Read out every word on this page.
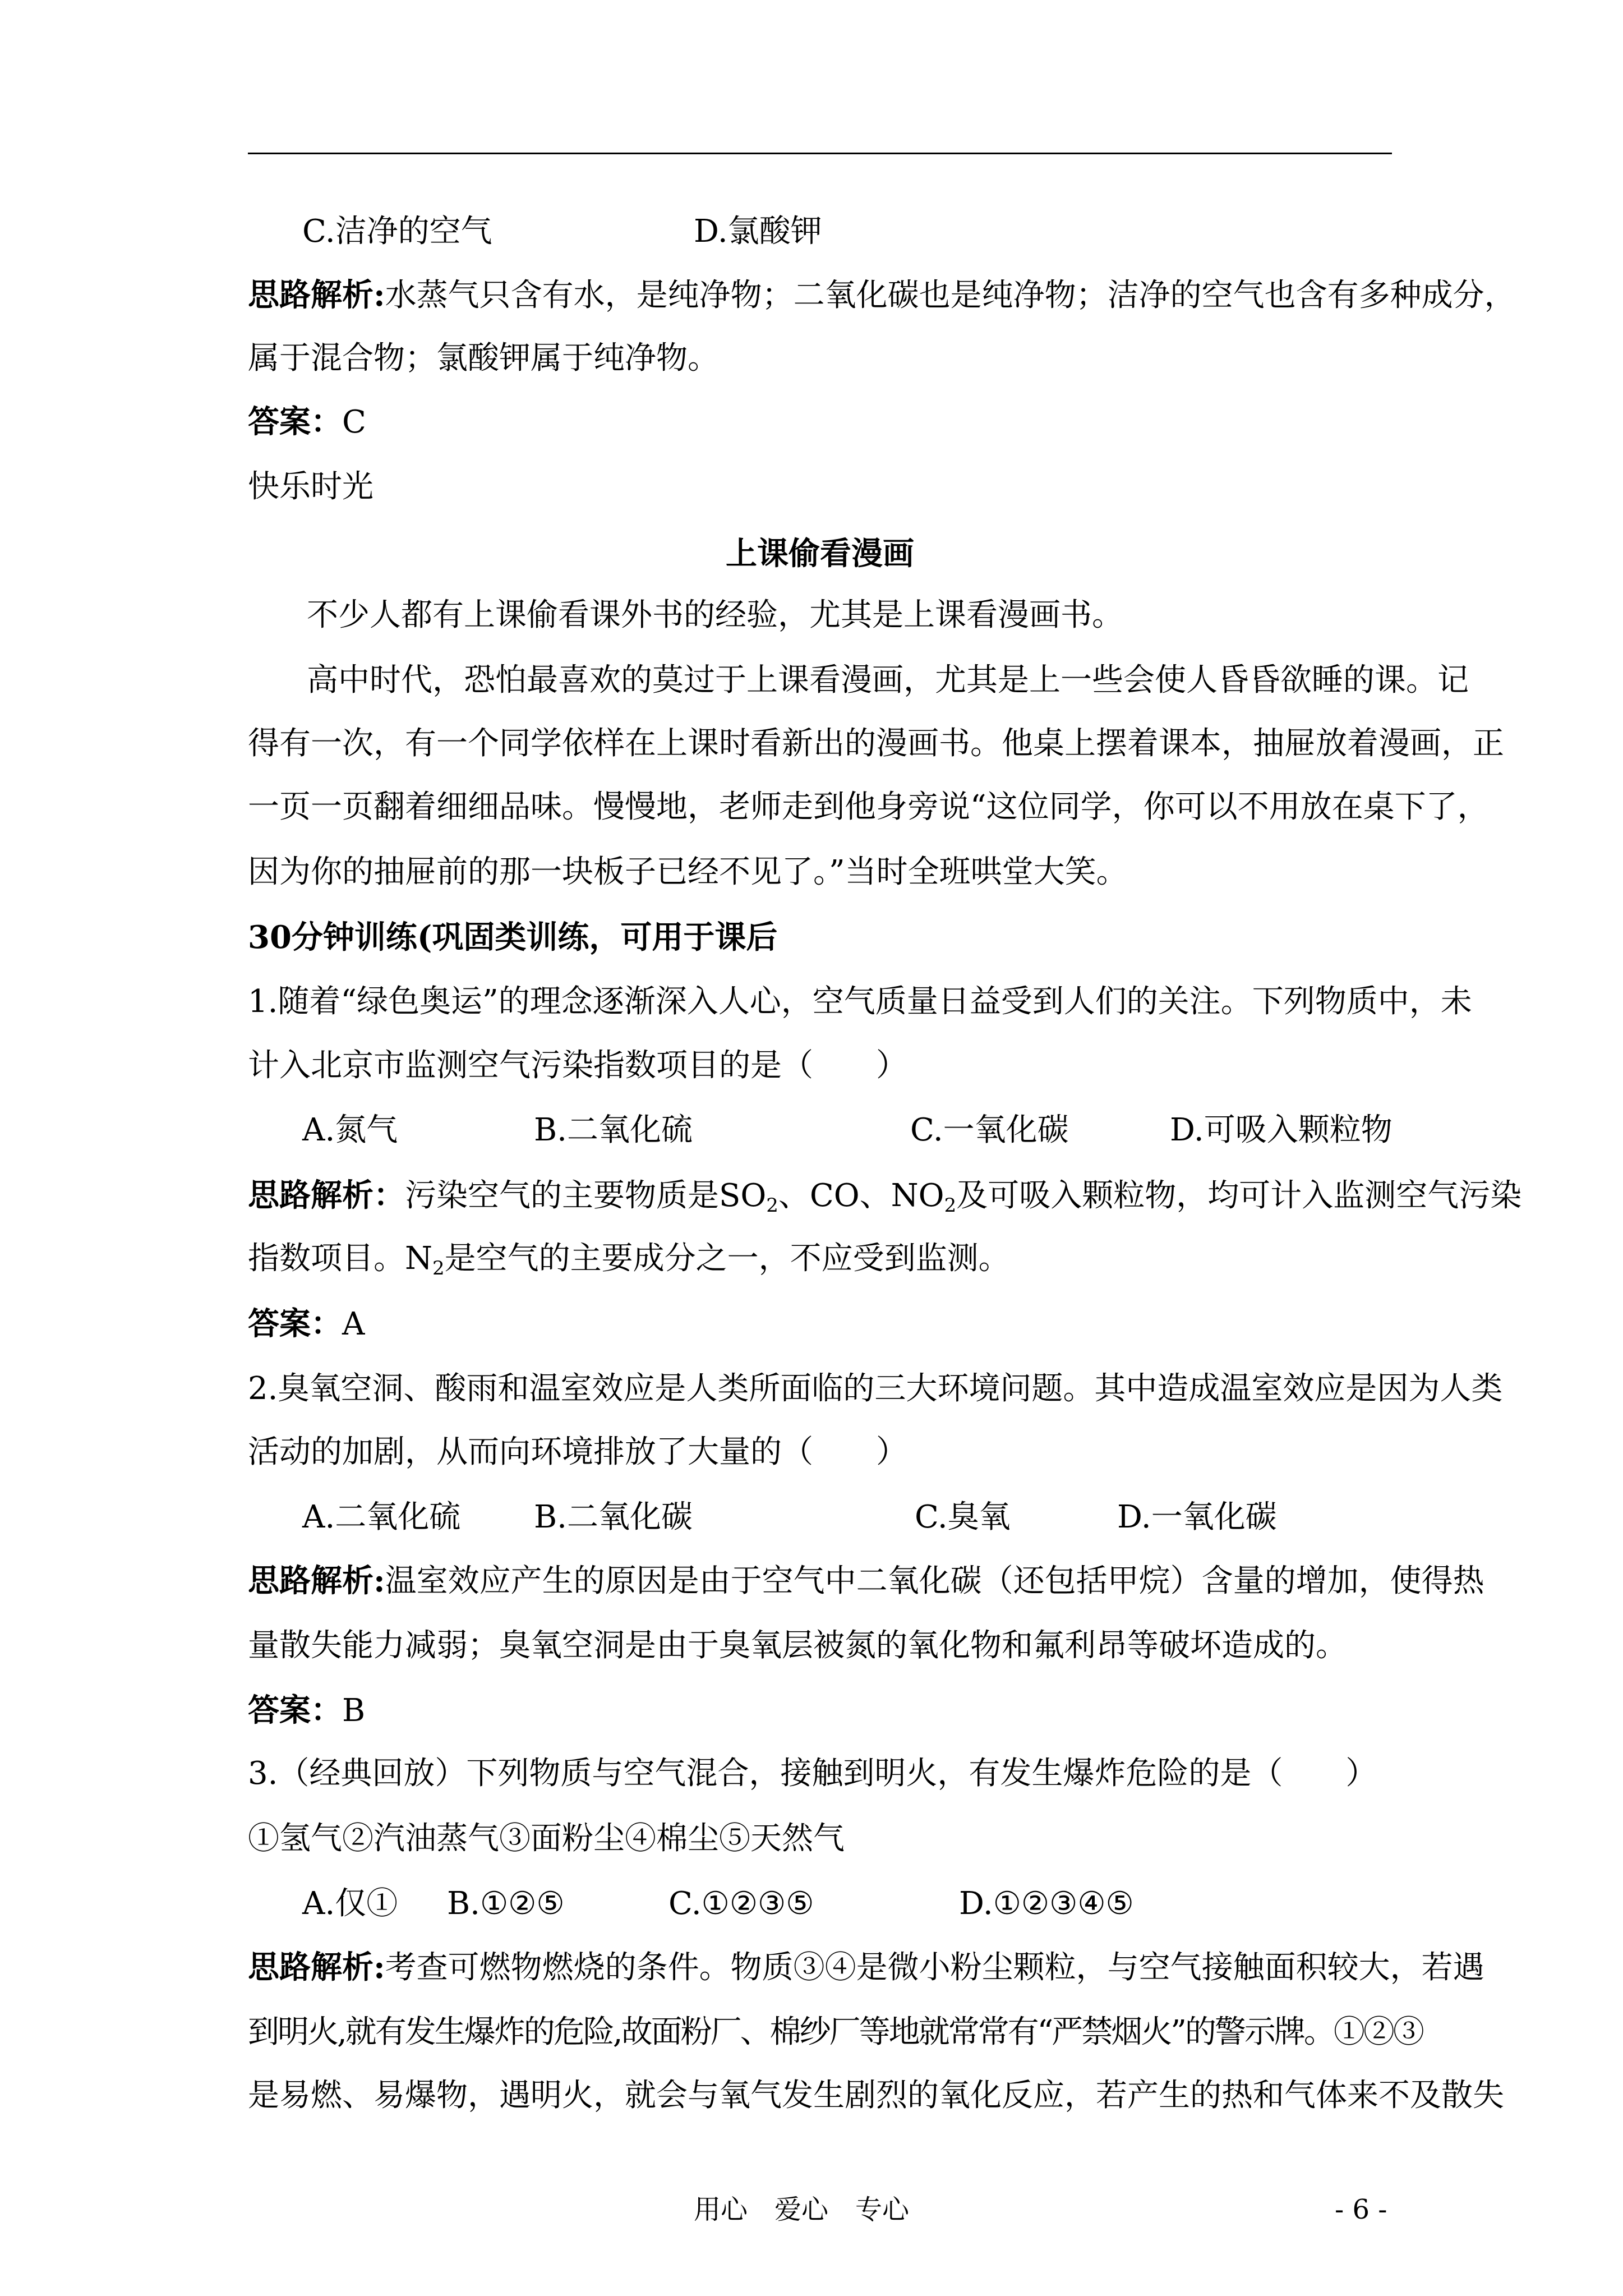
C.洁净的空气	D.氯酸钾
思路解析:水蒸气只含有水，是纯净物；二氧化碳也是纯净物；洁净的空气也含有多种成分，
属于混合物；氯酸钾属于纯净物。
答案：C
快乐时光
上课偷看漫画
不少人都有上课偷看课外书的经验，尤其是上课看漫画书。
高中时代，恐怕最喜欢的莫过于上课看漫画，尤其是上一些会使人昏昏欲睡的课。记
得有一次，有一个同学依样在上课时看新出的漫画书。他桌上摆着课本，抽屉放着漫画，正
一页一页翻着细细品味。慢慢地，老师走到他身旁说“这位同学，你可以不用放在桌下了，
因为你的抽屉前的那一块板子已经不见了。”当时全班哄堂大笑。
30分钟训练(巩固类训练，可用于课后
1.随着“绿色奥运”的理念逐渐深入人心，空气质量日益受到人们的关注。下列物质中，未
计入北京市监测空气污染指数项目的是（　　）
A.氮气	B.二氧化硫	C.一氧化碳	D.可吸入颗粒物
思路解析：污染空气的主要物质是$SO_2$、CO、$NO_2$及可吸入颗粒物，均可计入监测空气污染
指数项目。$N_2$是空气的主要成分之一，不应受到监测。
答案：A
2.臭氧空洞、酸雨和温室效应是人类所面临的三大环境问题。其中造成温室效应是因为人类
活动的加剧，从而向环境排放了大量的（　　）
A.二氧化硫 B.二氧化碳	C.臭氧	D.一氧化碳
思路解析:温室效应产生的原因是由于空气中二氧化碳（还包括甲烷）含量的增加，使得热
量散失能力减弱；臭氧空洞是由于臭氧层被氮的氧化物和氟利昂等破坏造成的。
答案：B
3.（经典回放）下列物质与空气混合，接触到明火，有发生爆炸危险的是（　　）
①氢气②汽油蒸气③面粉尘④棉尘⑤天然气
A.仅① B.①②⑤	C.①②③⑤	D.①②③④⑤
思路解析:考查可燃物燃烧的条件。物质③④是微小粉尘颗粒，与空气接触面积较大，若遇
到明火,就有发生爆炸的危险,故面粉厂、棉纱厂等地就常常有“严禁烟火”的警示牌。①②③
是易燃、易爆物，遇明火，就会与氧气发生剧烈的氧化反应，若产生的热和气体来不及散失
用心　爱心　专心	- 6 -
